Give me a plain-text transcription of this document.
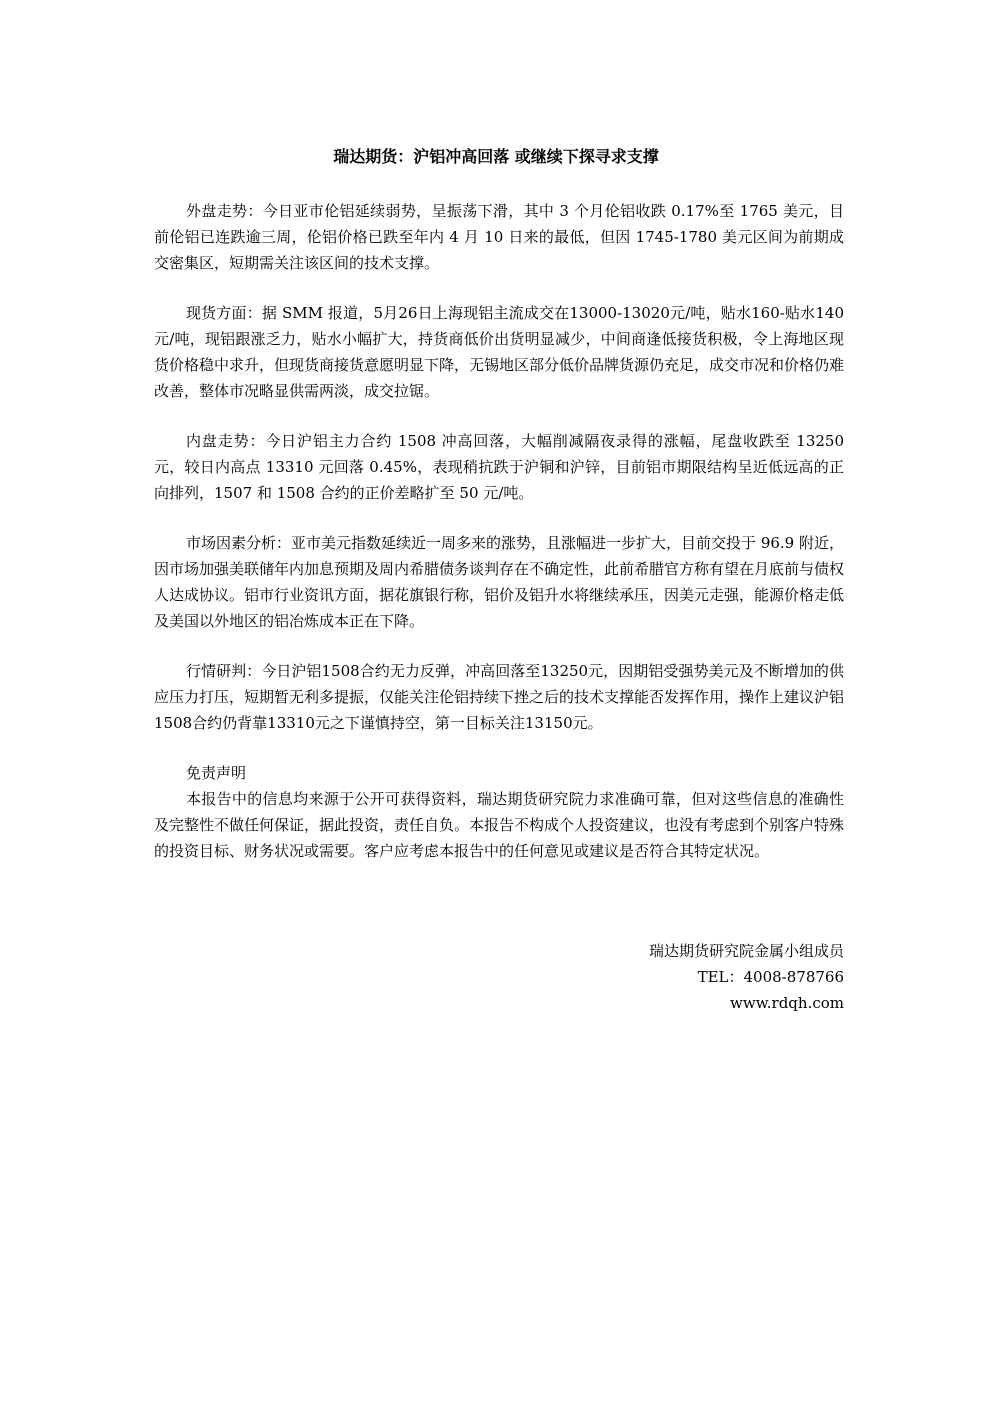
瑞达期货：沪铝冲高回落 或继续下探寻求支撑

外盘走势：今日亚市伦铝延续弱势，呈振荡下滑，其中 3 个月伦铝收跌 0.17%至 1765 美元，目前伦铝已连跌逾三周，伦铝价格已跌至年内 4 月 10 日来的最低，但因 1745-1780 美元区间为前期成交密集区，短期需关注该区间的技术支撑。

现货方面：据 SMM 报道，5月26日上海现铝主流成交在13000-13020元/吨，贴水160-贴水140元/吨，现铝跟涨乏力，贴水小幅扩大，持货商低价出货明显减少，中间商逢低接货积极，令上海地区现货价格稳中求升，但现货商接货意愿明显下降，无锡地区部分低价品牌货源仍充足，成交市况和价格仍难改善，整体市况略显供需两淡，成交拉锯。

内盘走势：今日沪铝主力合约 1508 冲高回落，大幅削减隔夜录得的涨幅，尾盘收跌至 13250 元，较日内高点 13310 元回落 0.45%，表现稍抗跌于沪铜和沪锌，目前铝市期限结构呈近低远高的正向排列，1507 和 1508 合约的正价差略扩至 50 元/吨。

市场因素分析：亚市美元指数延续近一周多来的涨势，且涨幅进一步扩大，目前交投于 96.9 附近，因市场加强美联储年内加息预期及周内希腊债务谈判存在不确定性，此前希腊官方称有望在月底前与债权人达成协议。铝市行业资讯方面，据花旗银行称，铝价及铝升水将继续承压，因美元走强，能源价格走低及美国以外地区的铝冶炼成本正在下降。

行情研判：今日沪铝1508合约无力反弹，冲高回落至13250元，因期铝受强势美元及不断增加的供应压力打压，短期暂无利多提振，仅能关注伦铝持续下挫之后的技术支撑能否发挥作用，操作上建议沪铝1508合约仍背靠13310元之下谨慎持空，第一目标关注13150元。

免责声明

本报告中的信息均来源于公开可获得资料，瑞达期货研究院力求准确可靠，但对这些信息的准确性及完整性不做任何保证，据此投资，责任自负。本报告不构成个人投资建议，也没有考虑到个别客户特殊的投资目标、财务状况或需要。客户应考虑本报告中的任何意见或建议是否符合其特定状况。

瑞达期货研究院金属小组成员
TEL：4008-878766
www.rdqh.com
